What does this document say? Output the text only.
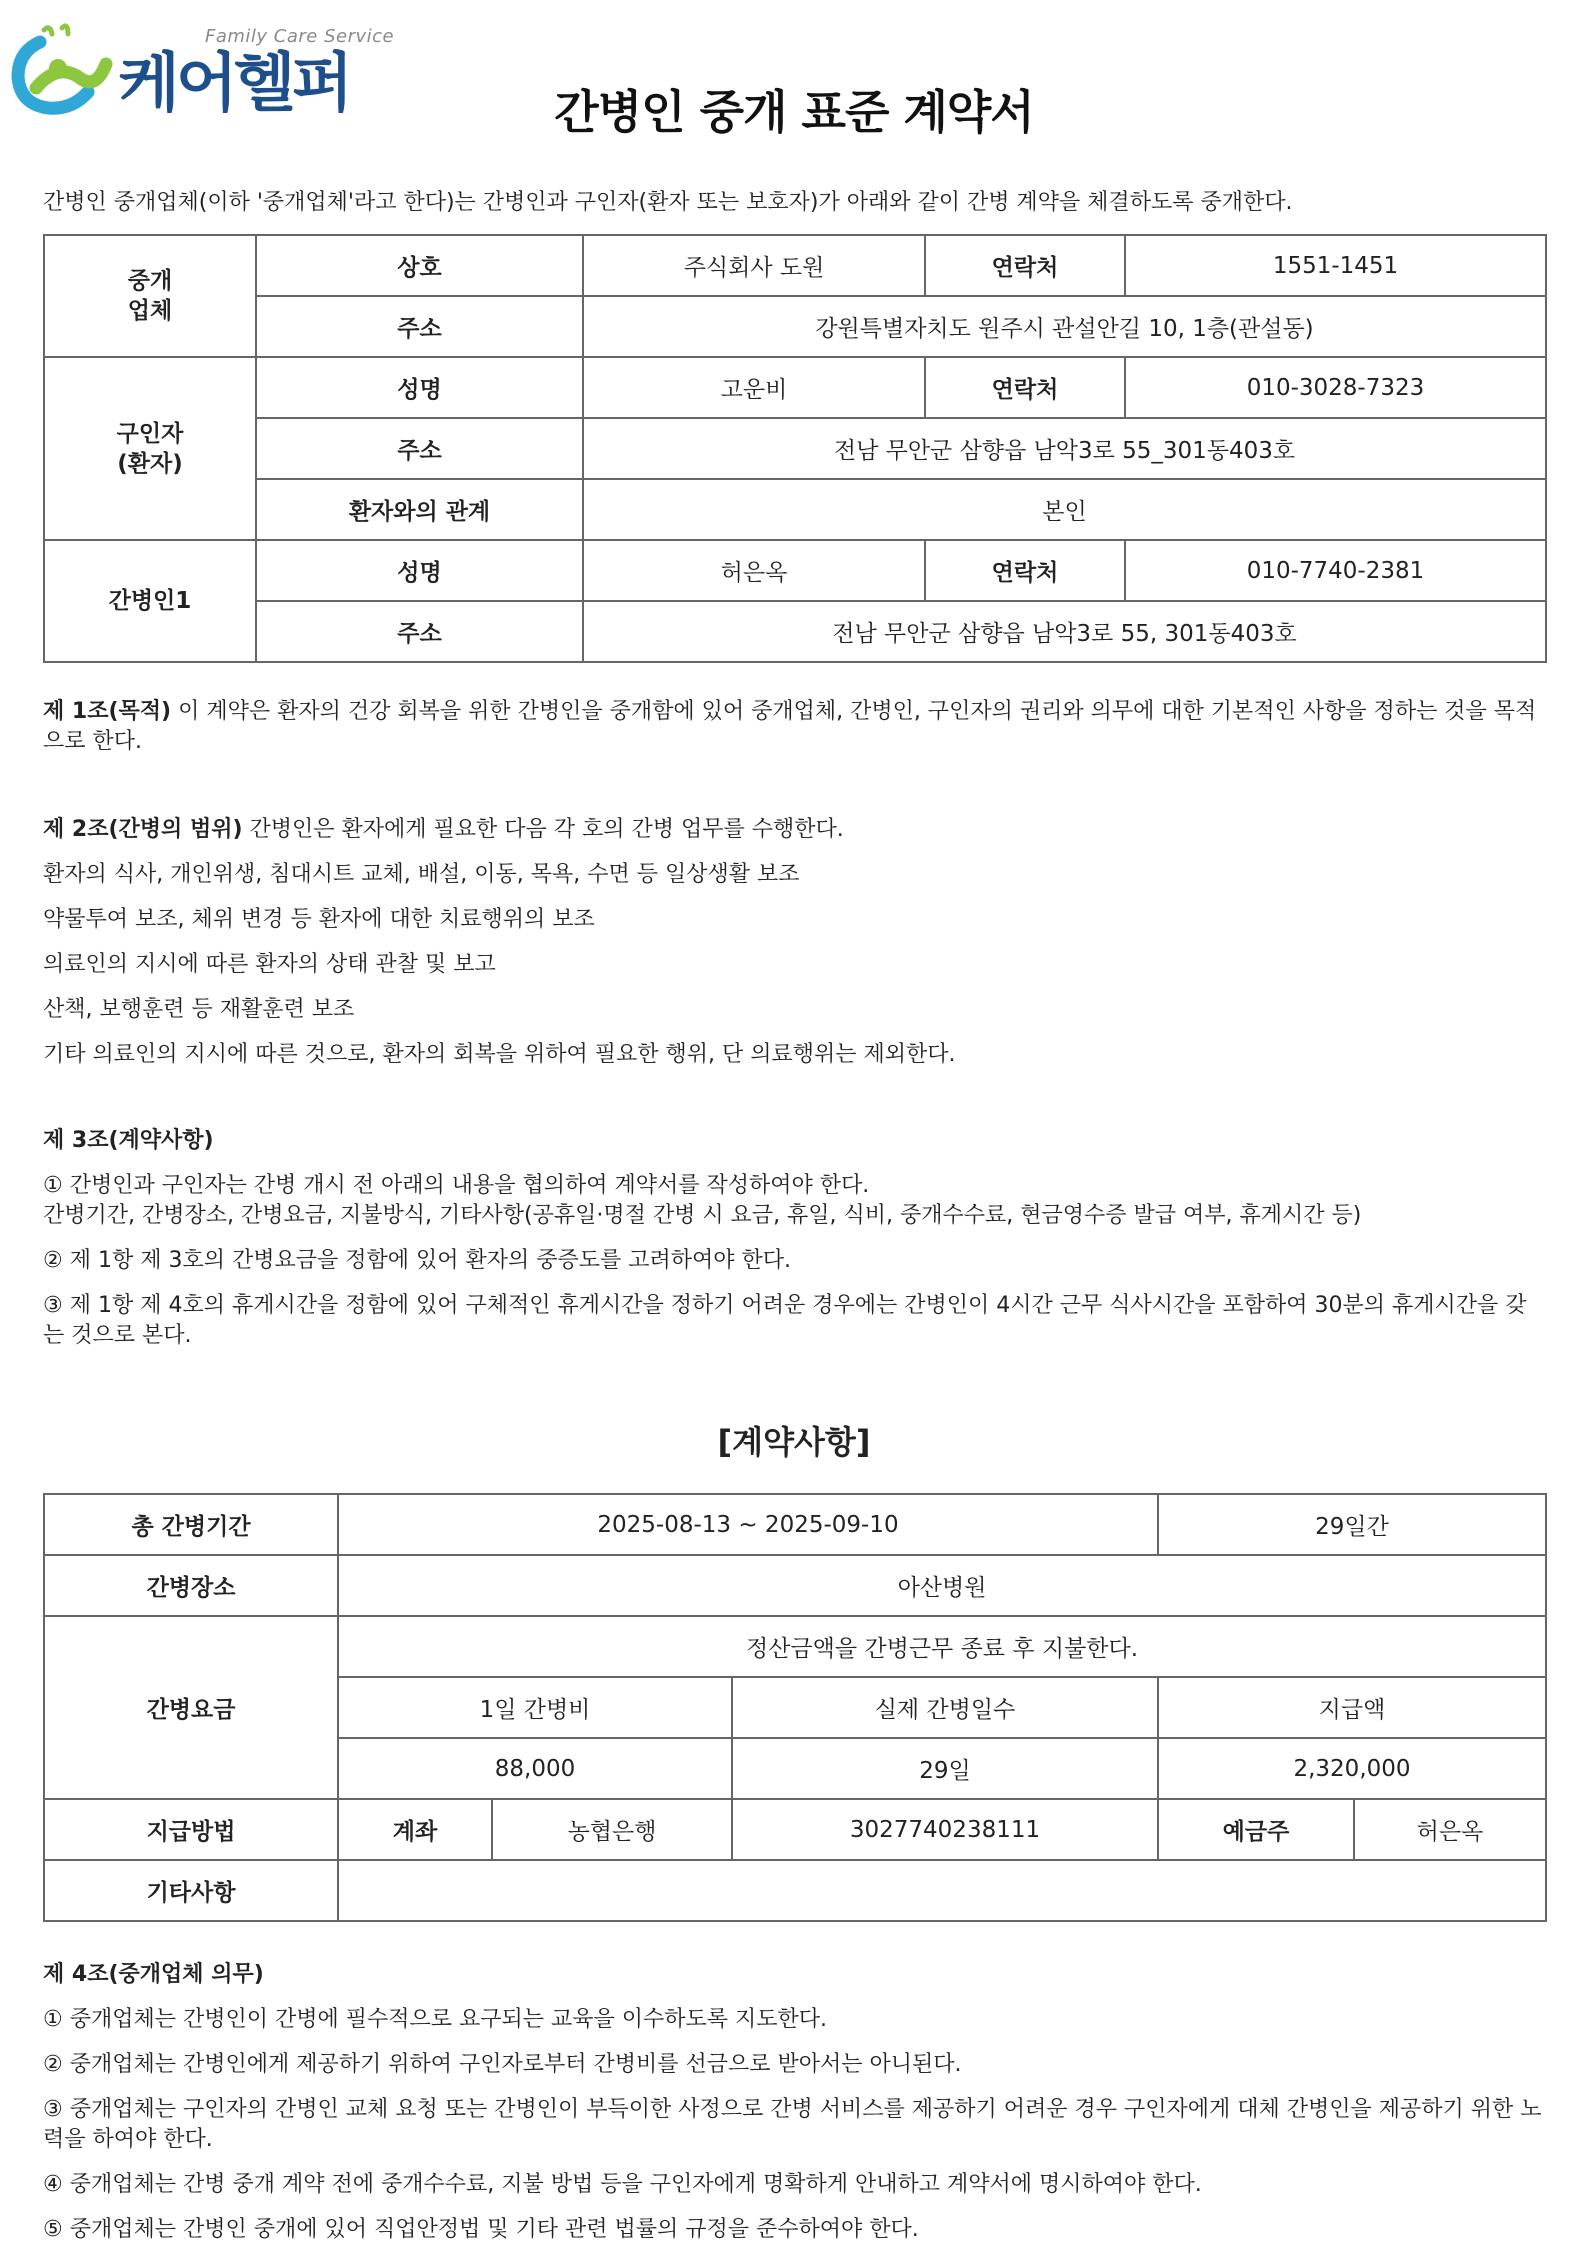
Family Care Service
케어헬퍼	간병인 중개 표준 계약서
간병인 중개업체(이하 '중개업체'라고 한다)는 간병인과 구인자(환자 또는 보호자)가 아래와 같이 간병 계약을 체결하도록 중개한다.
중개
업체	상호	주식회사 도원	연락처	1551-1451
	주소	강원특별자치도 원주시 관설안길 10, 1층(관설동)		
구인자
(환자)	성명	고운비	연락처	010-3028-7323
	주소	전남 무안군 삼향읍 남악3로 55_301동403호		
	환자와의 관계	본인		
간병인1	성명	허은옥	연락처	010-7740-2381
	주소	전남 무안군 삼향읍 남악3로 55, 301동403호		
제 1조(목적) 이 계약은 환자의 건강 회복을 위한 간병인을 중개함에 있어 중개업체, 간병인, 구인자의 권리와 의무에 대한 기본적인 사항을 정하는 것을 목적으로 한다.
제 2조(간병의 범위) 간병인은 환자에게 필요한 다음 각 호의 간병 업무를 수행한다.
환자의 식사, 개인위생, 침대시트 교체, 배설, 이동, 목욕, 수면 등 일상생활 보조
약물투여 보조, 체위 변경 등 환자에 대한 치료행위의 보조
의료인의 지시에 따른 환자의 상태 관찰 및 보고
산책, 보행훈련 등 재활훈련 보조
기타 의료인의 지시에 따른 것으로, 환자의 회복을 위하여 필요한 행위, 단 의료행위는 제외한다.
제 3조(계약사항)
① 간병인과 구인자는 간병 개시 전 아래의 내용을 협의하여 계약서를 작성하여야 한다.
간병기간, 간병장소, 간병요금, 지불방식, 기타사항(공휴일·명절 간병 시 요금, 휴일, 식비, 중개수수료, 현금영수증 발급 여부, 휴게시간 등)
② 제 1항 제 3호의 간병요금을 정함에 있어 환자의 중증도를 고려하여야 한다.
③ 제 1항 제 4호의 휴게시간을 정함에 있어 구체적인 휴게시간을 정하기 어려운 경우에는 간병인이 4시간 근무 식사시간을 포함하여 30분의 휴게시간을 갖는 것으로 본다.
[계약사항]
총 간병기간	2025-08-13 ~ 2025-09-10			29일간	
간병장소	아산병원				
간병요금	정산금액을 간병근무 종료 후 지불한다.				
	1일 간병비		실제 간병일수	지급액	
	88,000		29일	2,320,000	
지급방법	계좌	농협은행	3027740238111	예금주	허은옥
기타사항					
제 4조(중개업체 의무)
① 중개업체는 간병인이 간병에 필수적으로 요구되는 교육을 이수하도록 지도한다.
② 중개업체는 간병인에게 제공하기 위하여 구인자로부터 간병비를 선금으로 받아서는 아니된다.
③ 중개업체는 구인자의 간병인 교체 요청 또는 간병인이 부득이한 사정으로 간병 서비스를 제공하기 어려운 경우 구인자에게 대체 간병인을 제공하기 위한 노력을 하여야 한다.
④ 중개업체는 간병 중개 계약 전에 중개수수료, 지불 방법 등을 구인자에게 명확하게 안내하고 계약서에 명시하여야 한다.
⑤ 중개업체는 간병인 중개에 있어 직업안정법 및 기타 관련 법률의 규정을 준수하여야 한다.
